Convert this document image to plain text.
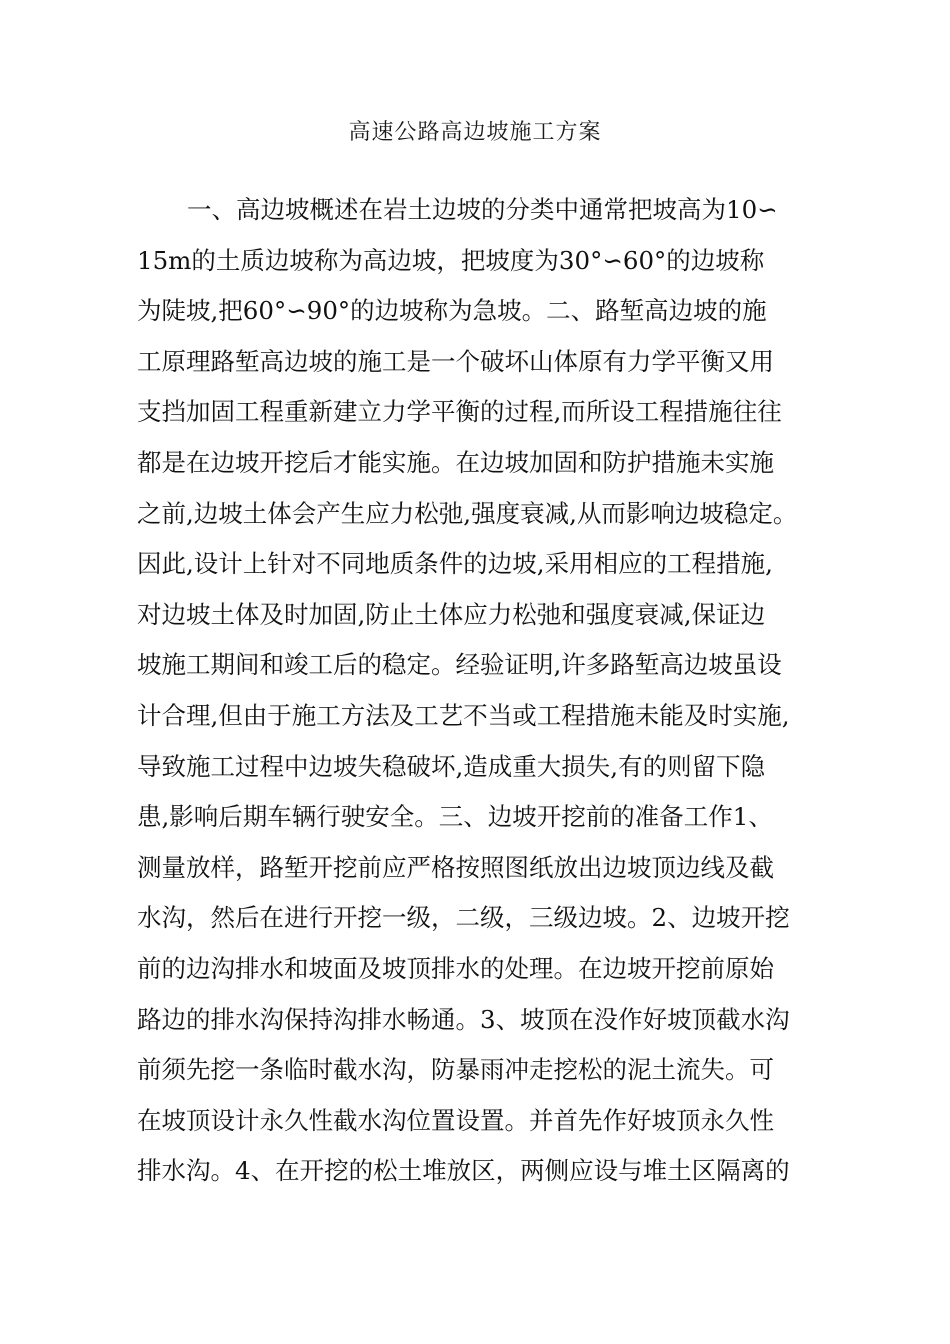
高速公路高边坡施工方案
一、高边坡概述在岩土边坡的分类中通常把坡高为10∽
15m的土质边坡称为高边坡，把坡度为30°∽60°的边坡称
为陡坡,把60°∽90°的边坡称为急坡。二、路堑高边坡的施
工原理路堑高边坡的施工是一个破坏山体原有力学平衡又用
支挡加固工程重新建立力学平衡的过程,而所设工程措施往往
都是在边坡开挖后才能实施。在边坡加固和防护措施未实施
之前,边坡土体会产生应力松弛,强度衰减,从而影响边坡稳定。
因此,设计上针对不同地质条件的边坡,采用相应的工程措施,
对边坡土体及时加固,防止土体应力松弛和强度衰减,保证边
坡施工期间和竣工后的稳定。经验证明,许多路堑高边坡虽设
计合理,但由于施工方法及工艺不当或工程措施未能及时实施,
导致施工过程中边坡失稳破坏,造成重大损失,有的则留下隐
患,影响后期车辆行驶安全。三、边坡开挖前的准备工作1、
测量放样，路堑开挖前应严格按照图纸放出边坡顶边线及截
水沟，然后在进行开挖一级，二级，三级边坡。2、边坡开挖
前的边沟排水和坡面及坡顶排水的处理。在边坡开挖前原始
路边的排水沟保持沟排水畅通。3、坡顶在没作好坡顶截水沟
前须先挖一条临时截水沟，防暴雨冲走挖松的泥土流失。可
在坡顶设计永久性截水沟位置设置。并首先作好坡顶永久性
排水沟。4、在开挖的松土堆放区，两侧应设与堆土区隔离的
